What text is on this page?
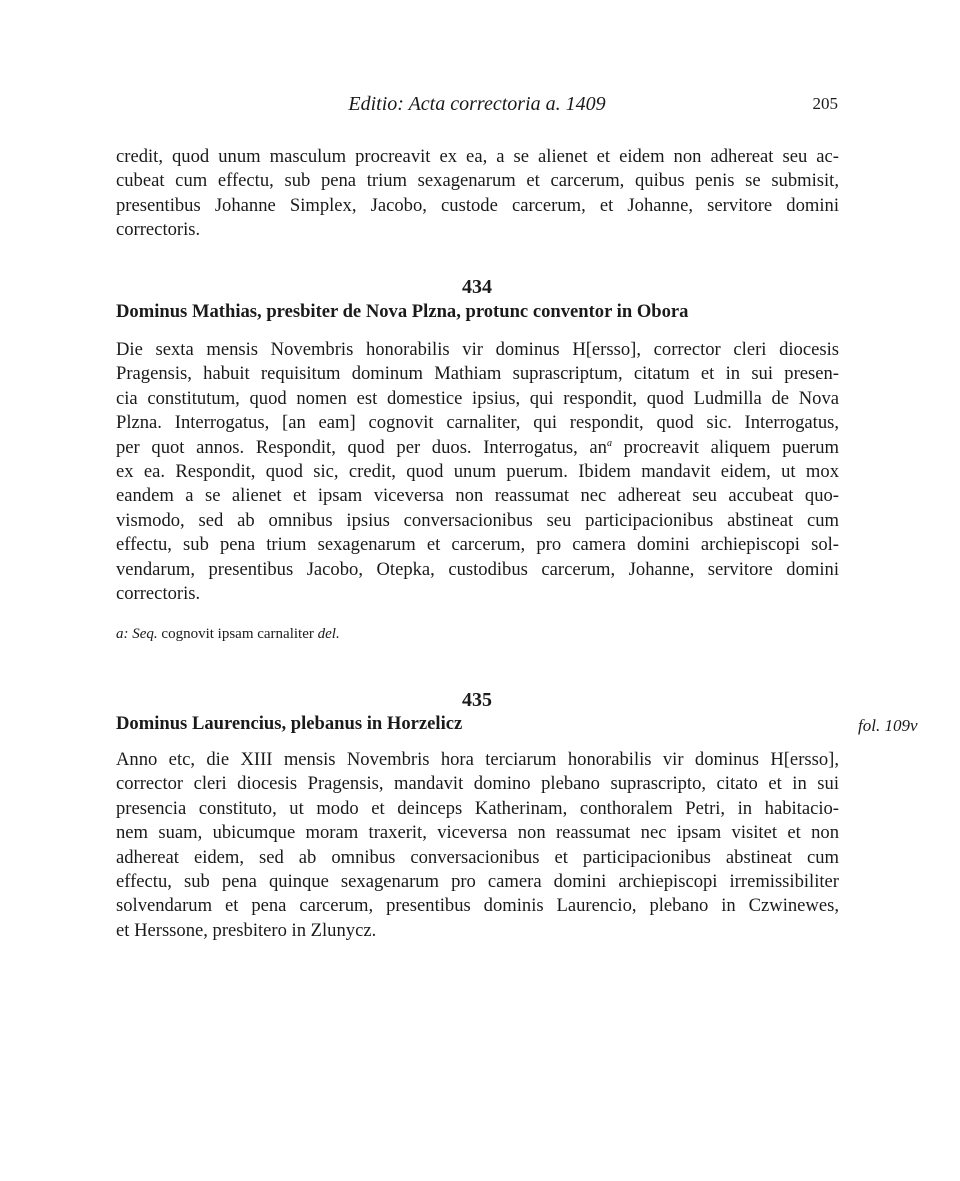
Editio: Acta correctoria a. 1409	205

credit, quod unum masculum procreavit ex ea, a se alienet et eidem non adhereat seu ac-
cubeat cum effectu, sub pena trium sexagenarum et carcerum, quibus penis se submisit,
presentibus Johanne Simplex, Jacobo, custode carcerum, et Johanne, servitore domini
correctoris.

434
Dominus Mathias, presbiter de Nova Plzna, protunc conventor in Obora

Die sexta mensis Novembris honorabilis vir dominus H[ersso], corrector cleri diocesis
Pragensis, habuit requisitum dominum Mathiam suprascriptum, citatum et in sui presen-
cia constitutum, quod nomen est domestice ipsius, qui respondit, quod Ludmilla de Nova
Plzna. Interrogatus, [an eam] cognovit carnaliter, qui respondit, quod sic. Interrogatus,
per quot annos. Respondit, quod per duos. Interrogatus, an$^a$ procreavit aliquem puerum
ex ea. Respondit, quod sic, credit, quod unum puerum. Ibidem mandavit eidem, ut mox
eandem a se alienet et ipsam viceversa non reassumat nec adhereat seu accubeat quo-
vismodo, sed ab omnibus ipsius conversacionibus seu participacionibus abstineat cum
effectu, sub pena trium sexagenarum et carcerum, pro camera domini archiepiscopi sol-
vendarum, presentibus Jacobo, Otepka, custodibus carcerum, Johanne, servitore domini
correctoris.

a: Seq. cognovit ipsam carnaliter del.
435
Dominus Laurencius, plebanus in Horzelicz	fol. 109v

Anno etc, die XIII mensis Novembris hora terciarum honorabilis vir dominus H[ersso],
corrector cleri diocesis Pragensis, mandavit domino plebano suprascripto, citato et in sui
presencia constituto, ut modo et deinceps Katherinam, conthoralem Petri, in habitacio-
nem suam, ubicumque moram traxerit, viceversa non reassumat nec ipsam visitet et non
adhereat eidem, sed ab omnibus conversacionibus et participacionibus abstineat cum
effectu, sub pena quinque sexagenarum pro camera domini archiepiscopi irremissibiliter
solvendarum et pena carcerum, presentibus dominis Laurencio, plebano in Czwinewes,
et Herssone, presbitero in Zlunycz.
